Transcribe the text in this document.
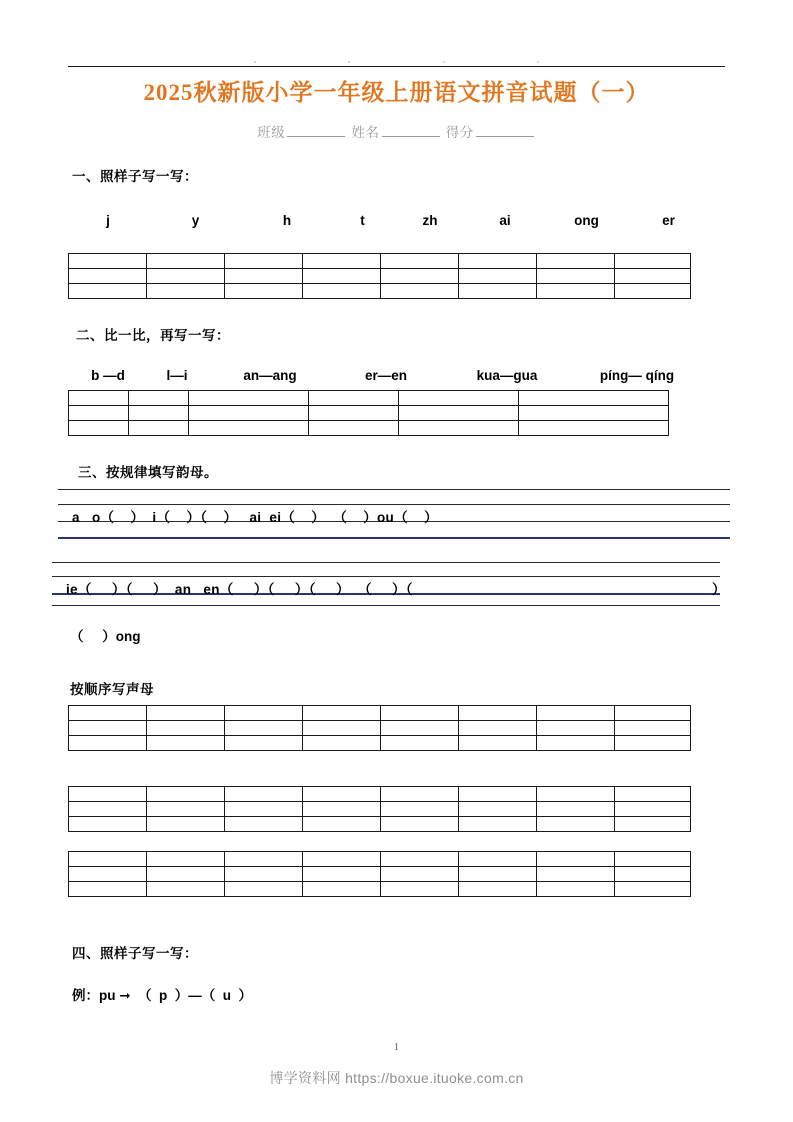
2025秋新版小学一年级上册语文拼音试题（一）
班级	姓名	得分
一、照样子写一写：
j	y	h	t	zh	ai	ong	er

二、比一比，再写一写：
b —d	l—i	an—ang	er—en	kua—gua	píng— qíng

三、按规律填写韵母。
a   o（    ）  i（    ）（    ）   ai  ei（    ）  （    ）ou（    ）
ie（     ）（     ）  an   en（     ）（     ）（     ）  （     ）（	）
（     ）ong
按顺序写声母

四、照样子写一写：
例：pu ➞  （  p  ）—（  u  ）
1
博学资料网 https://boxue.ituoke.com.cn
